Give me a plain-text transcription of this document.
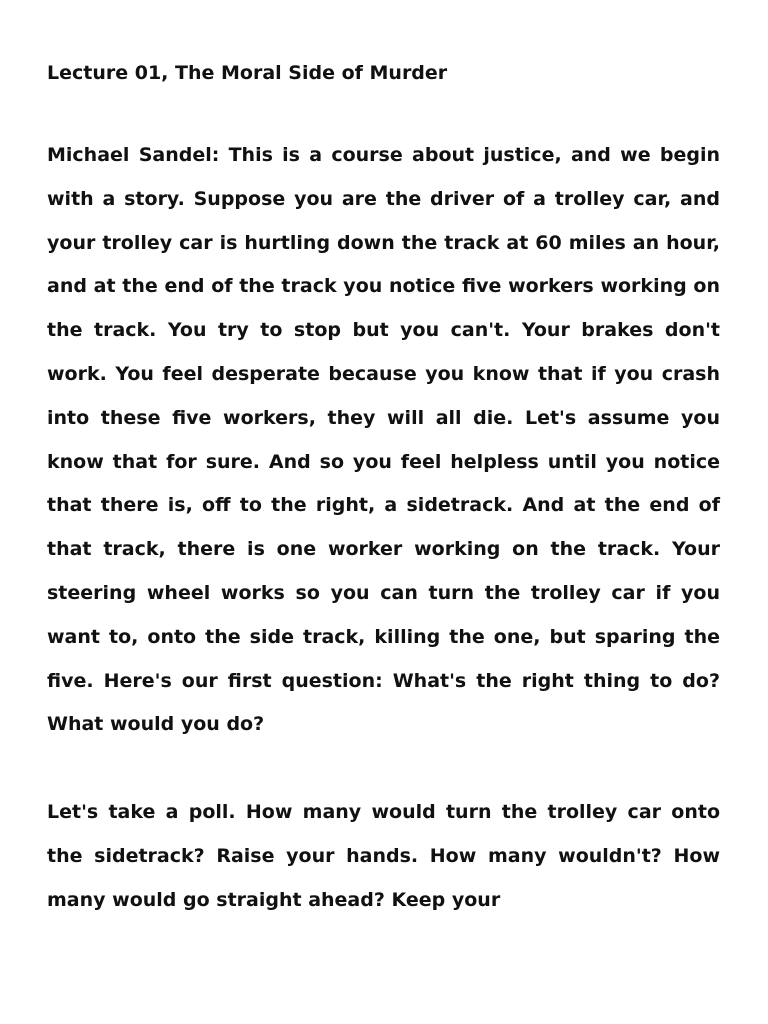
Lecture 01, The Moral Side of Murder

Michael Sandel: This is a course about justice, and we begin with a story. Suppose you are the driver of a trolley car, and your trolley car is hurtling down the track at 60 miles an hour, and at the end of the track you notice five workers working on the track. You try to stop but you can't. Your brakes don't work. You feel desperate because you know that if you crash into these five workers, they will all die. Let's assume you know that for sure. And so you feel helpless until you notice that there is, off to the right, a sidetrack. And at the end of that track, there is one worker working on the track. Your steering wheel works so you can turn the trolley car if you want to, onto the side track, killing the one, but sparing the five. Here's our first question: What's the right thing to do? What would you do?

Let's take a poll. How many would turn the trolley car onto the sidetrack? Raise your hands. How many wouldn't? How many would go straight ahead? Keep your
